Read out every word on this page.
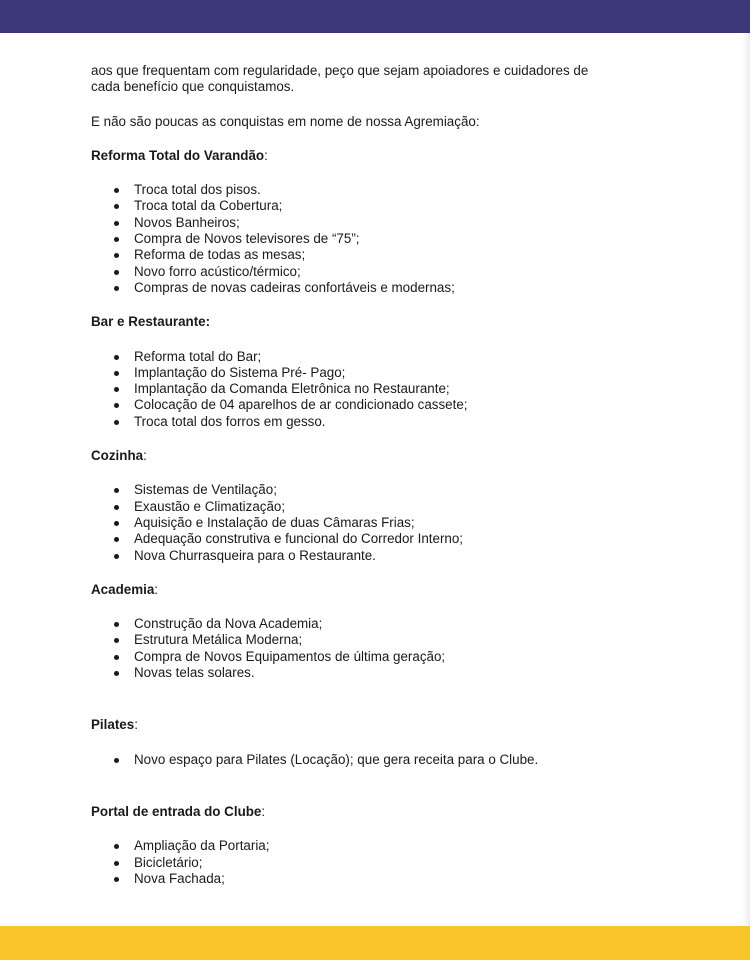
aos que frequentam com regularidade, peço que sejam apoiadores e cuidadores de

cada benefício que conquistamos.

E não são poucas as conquistas em nome de nossa Agremiação:

Reforma Total do Varandão:

Troca total dos pisos.
Troca total da Cobertura;
Novos Banheiros;
Compra de Novos televisores de “75”;
Reforma de todas as mesas;
Novo forro acústico/térmico;
Compras de novas cadeiras confortáveis e modernas;

Bar e Restaurante:

Reforma total do Bar;
Implantação do Sistema Pré- Pago;
Implantação da Comanda Eletrônica no Restaurante;
Colocação de 04 aparelhos de ar condicionado cassete;
Troca total dos forros em gesso.

Cozinha:

Sistemas de Ventilação;
Exaustão e Climatização;
Aquisição e Instalação de duas Câmaras Frias;
Adequação construtiva e funcional do Corredor Interno;
Nova Churrasqueira para o Restaurante.

Academia:

Construção da Nova Academia;
Estrutura Metálica Moderna;
Compra de Novos Equipamentos de última geração;
Novas telas solares.

Pilates:

Novo espaço para Pilates (Locação); que gera receita para o Clube.

Portal de entrada do Clube:

Ampliação da Portaria;
Bicicletário;
Nova Fachada;
